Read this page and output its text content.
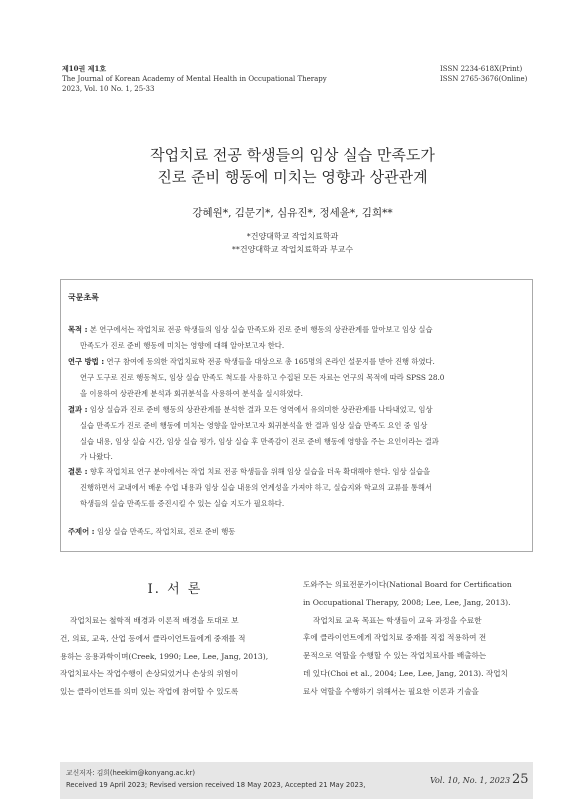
제10권 제1호
The Journal of Korean Academy of Mental Health in Occupational Therapy
2023, Vol. 10 No. 1, 25-33
ISSN 2234-618X(Print)
ISSN 2765-3676(Online)
작업치료 전공 학생들의 임상 실습 만족도가
진로 준비 행동에 미치는 영향과 상관관계
강혜원*, 김문기*, 심유진*, 정세윤*, 김희**
*건양대학교 작업치료학과
**건양대학교 작업치료학과 부교수
국문초록
목적 : 본 연구에서는 작업치료 전공 학생들의 임상 실습 만족도와 진로 준비 행동의 상관관계를 알아보고 임상 실습
만족도가 진로 준비 행동에 미치는 영향에 대해 알아보고자 한다.
연구 방법 : 연구 참여에 동의한 작업치료학 전공 학생들을 대상으로 총 165명의 온라인 설문지를 받아 진행 하였다.
연구 도구로 진로 행동척도, 임상 실습 만족도 척도를 사용하고 수집된 모든 자료는 연구의 목적에 따라 SPSS 28.0
을 이용하여 상관관계 분석과 회귀분석을 사용하여 분석을 실시하였다.
결과 : 임상 실습과 진로 준비 행동의 상관관계를 분석한 결과 모든 영역에서 유의미한 상관관계를 나타내었고, 임상
실습 만족도가 진로 준비 행동에 미치는 영향을 알아보고자 회귀분석을 한 결과 임상 실습 만족도 요인 중 임상
실습 내용, 임상 실습 시간, 임상 실습 평가, 임상 실습 후 만족감이 진로 준비 행동에 영향을 주는 요인이라는 결과
가 나왔다.
결론 : 향후 작업치료 연구 분야에서는 작업 치료 전공 학생들을 위해 임상 실습을 더욱 확대해야 한다. 임상 실습을
진행하면서 교내에서 배운 수업 내용과 임상 실습 내용의 연계성을 가져야 하고, 실습지와 학교의 교류를 통해서
학생들의 실습 만족도를 증진시킬 수 있는 실습 지도가 필요하다.
주제어 : 임상 실습 만족도, 작업치료, 진로 준비 행동
Ⅰ. 서 론

작업치료는 철학적 배경과 이론적 배경을 토대로 보

건, 의료, 교육, 산업 등에서 클라이언트들에게 중재를 적

용하는 응용과학이며(Creek, 1990; Lee, Lee, Jang, 2013),

작업치료사는 작업수행이 손상되었거나 손상의 위험이

있는 클라이언트를 의미 있는 작업에 참여할 수 있도록

도와주는 의료전문가이다(National Board for Certification

in Occupational Therapy, 2008; Lee, Lee, Jang, 2013).

작업치료 교육 목표는 학생들이 교육 과정을 수료한

후에 클라이언트에게 작업치료 중재를 직접 적용하여 전

문적으로 역할을 수행할 수 있는 작업치료사를 배출하는

데 있다(Choi et al., 2004; Lee, Lee, Jang, 2013). 작업치

료사 역할을 수행하기 위해서는 필요한 이론과 기술을

교신저자: 김희(heekim@konyang.ac.kr)
Received 19 April 2023; Revised version received 18 May 2023, Accepted 21 May 2023,	Vol. 10, No. 1, 2023 25
